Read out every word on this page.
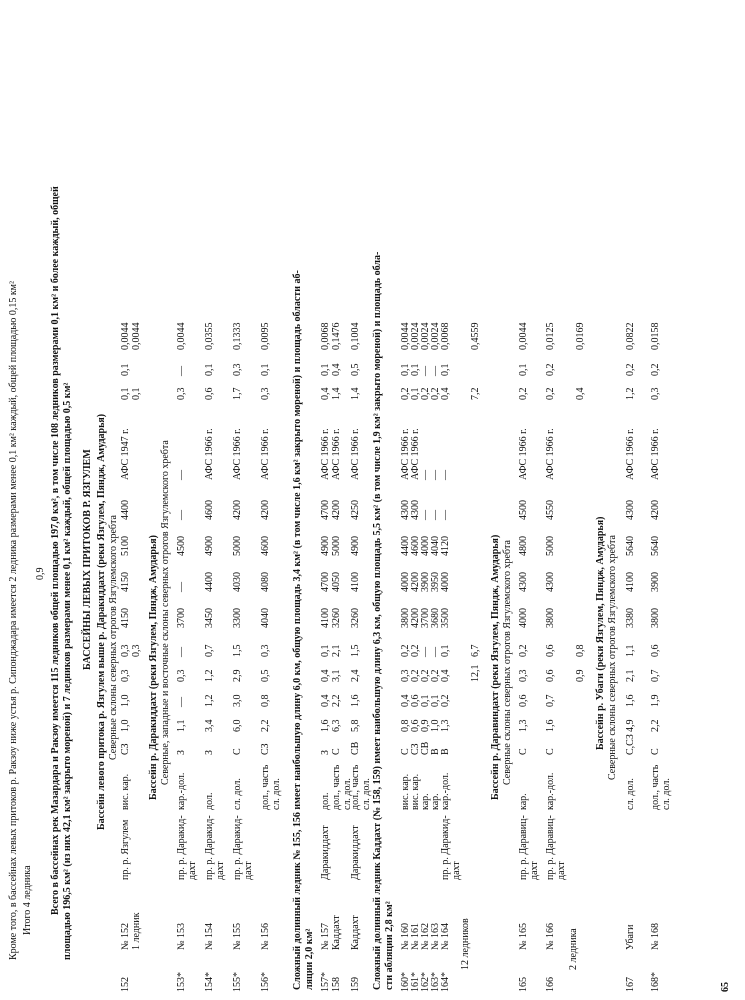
Кроме того, в бассейнах левых притоков р. Ракзоу ниже устья р. Сипонджадара имеется 2 ледника размерами менее 0,1 км² каждый, общей площадью 0,15 км² Итого 4 ледника
0,9 Всего в бассейнах рек Мазардара и Ракзоу имеется 115 ледников общей площадью 197,0 км², в том числе 108 ледников размерами 0,1 км² и более каждый, общей площадью 196,5 км² (из них 42,1 км² закрыто мореной) и 7 ледников размерами менее 0,1 км² каждый, общей площадью 0,5 км² БАССЕЙНЫ ЛЕВЫХ ПРИТОКОВ Р. ЯЗГУЛЕМ Бассейн левого притока р. Язгулем выше р. Даракиддахт (реки Язгулем, Пяндж, Амударья) Северные склоны северных отрогов Язгулемского хребта
152
№ 152 1 ледник
пр. р. Язгулем
вис. кар.
СЗ
1,0
1,0
0,3
0,3 0,3
4150
4150
5100
4400
АФС 1947 г.
0,1 0,1
0,1
0,0044 0,0044
Бассейн р. Даракиддахт (реки Язгулем, Пяндж, Амударья) Северные, западные и восточные склоны северных отрогов Язгулемского хребта
153*
№ 153
пр. р. Даракид- дахт
кар.-дол.
З
1,1
—
0,3
—
3700
—
4500
—
—
0,3
—
0,0044
154*
№ 154
пр. р. Даракид- дахт
дол.
З
3,4
1,2
1,2
0,7
3450
4400
4900
4600
АФС 1966 г.
0,6
0,1
0,0355
155*
№ 155
пр. р. Даракид- дахт
сл. дол.
С
6,0
3,0
2,9
1,5
3300
4030
5000
4200
АФС 1966 г.
1,7
0,3
0,1333
156*
№ 156
дол., часть сл. дол.
СЗ
2,2
0,8
0,5
0,3
4040
4080
4600
4200
АФС 1966 г.
0,3
0,1
0,0095 Сложный долинный ледник № 155, 156 имеет наибольшую длину 6,0 км, общую площадь 3,4 км² (в том числе 1,6 км² закрыто мореной) и площадь области аб- ляции 2,0 км² 157* 158
№ 157 Каддахт
Даракиддахт
дол. дол., часть сл. дол.
З С
1,6
0,4
0,4
0,1
6,3
2,2
3,1
2,1
4100
4700
4900
4700
3260
4050
5000
4200
АФС 1966 г. АФС 1966 г.
0,4 1,4
0,1 0,4
0,0068 0,1476
159
Каддахт
Даракиддахт
дол., часть сл. дол.
СВ
5,8
1,6
2,4
1,5
3260
4100
4900
4250
АФС 1966 г.
1,4
0,5
0,1004 Сложный долинный ледник Каддахт (№ 158, 159) имеет наибольшую длину 6,3 км, общую площадь 5,5 км² (в том числе 1,9 км² закрыто мореной) и площадь обла- сти абляции 2,8 км² 160*
№ 160
вис. кар.
С
0,8
0,4
0,3
0,2
3800
4000
4400
4300
АФС 1966 г.
0,2
0,1
0,0044
161*
№ 161
вис. кар.
СЗ
0,6
0,6
0,2
0,2
4200
4200
4600
4300
АФС 1966 г.
0,1
0,1
0,0024
162*
№ 162
кар.
СВ
0,9
0,1
0,2
—
3700
3900
4000
—
—
0,2
—
0,0024
163*
№ 163
кар.
В
1,0
0,1
0,2
—
3680
3950
4040
—
—
0,2
—
0,0024
164*
№ 164
кар.-дол.
В
1,3
0,2
0,4
0,1
3500
4000
4120
—
—
0,4
0,1
0,0068
пр. р. Даракид- дахт
12 ледников
12,1
6,7
7,2
0,4559
Бассейн р. Даравиндахт (реки Язгулем, Пяндж, Амударья) Северные склоны северных отрогов Язгулемского хребта
165
№ 165
пр. р. Даравиц- дахт
кар.
С
1,3
0,6
0,3
0,2
4000
4300
4800
4500
АФС 1966 г.
0,2
0,1
0,0044
166
№ 166
пр. р. Даравиц- дахт
кар.-дол.
С
1,6
0,7
0,6
0,6
3800
4300
5000
4550
АФС 1966 г.
0,2
0,2
0,0125
2 ледника
0,9
0,8
0,4
0,0169
Бассейн р. Убаги (реки Язгулем, Пяндж, Амударья) Северные склоны северных отрогов Язгулемского хребта
167
Убаги
сл. дол.
С,СЗ
4,9
1,6
2,1
1,1
3380
4100
5640
4300
АФС 1966 г.
1,2
0,2
0,0822
168*
№ 168
дол., часть сл. дол.
С
2,2
1,9
0,7
0,6
3800
3900
5640
4200
АФС 1966 г.
0,3
0,2
0,0158
65
